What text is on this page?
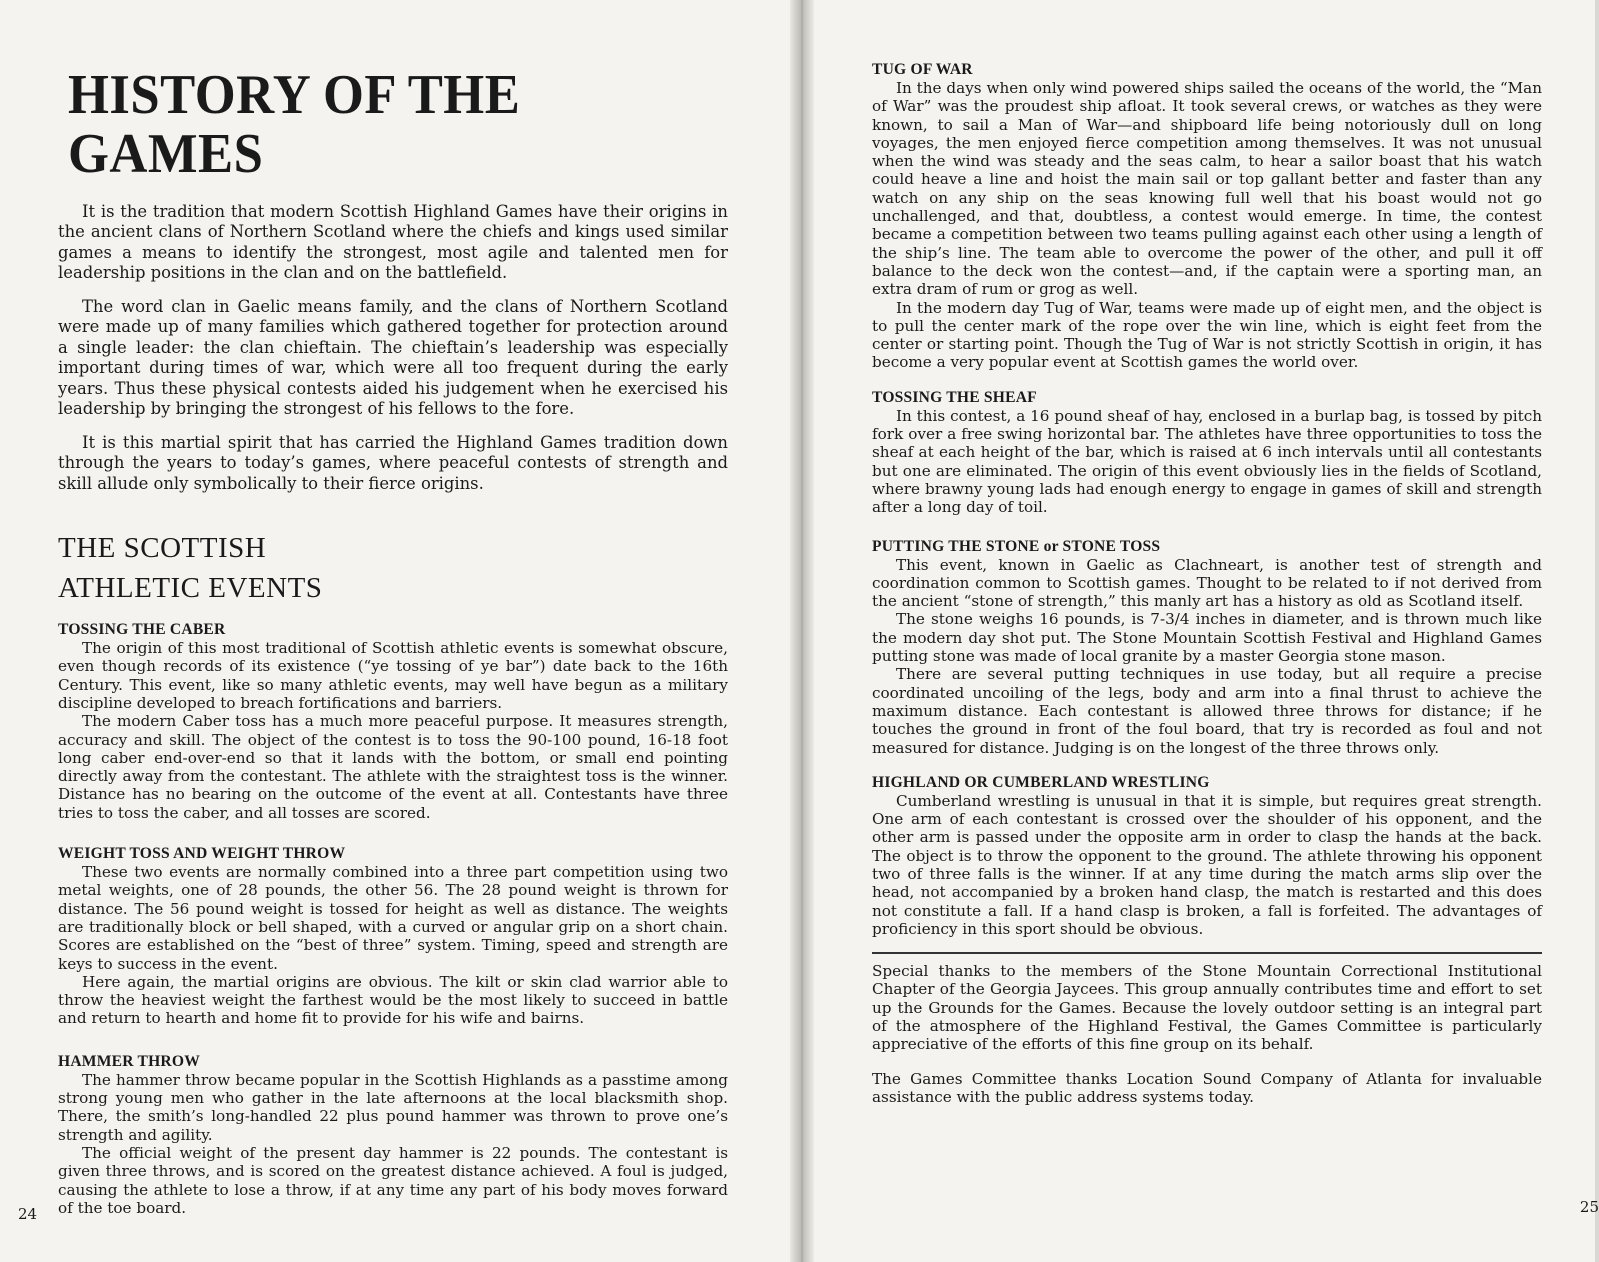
HISTORY OF THE GAMES

It is the tradition that modern Scottish Highland Games have their origins in the ancient clans of Northern Scotland where the chiefs and kings used similar games a means to identify the strongest, most agile and talented men for leadership positions in the clan and on the battlefield.

The word clan in Gaelic means family, and the clans of Northern Scotland were made up of many families which gathered together for protection around a single leader: the clan chieftain. The chieftain’s leadership was especially important during times of war, which were all too frequent during the early years. Thus these physical contests aided his judgement when he exercised his leadership by bringing the strongest of his fellows to the fore.

It is this martial spirit that has carried the Highland Games tradition down through the years to today’s games, where peaceful contests of strength and skill allude only symbolically to their fierce origins.

THE SCOTTISH
ATHLETIC EVENTS
TOSSING THE CABER

The origin of this most traditional of Scottish athletic events is somewhat obscure, even though records of its existence (“ye tossing of ye bar”) date back to the 16th Century. This event, like so many athletic events, may well have begun as a military discipline developed to breach fortifications and barriers.

The modern Caber toss has a much more peaceful purpose. It measures strength, accuracy and skill. The object of the contest is to toss the 90-100 pound, 16-18 foot long caber end-over-end so that it lands with the bottom, or small end pointing directly away from the contestant. The athlete with the straightest toss is the winner. Distance has no bearing on the outcome of the event at all. Contestants have three tries to toss the caber, and all tosses are scored.

WEIGHT TOSS AND WEIGHT THROW

These two events are normally combined into a three part competition using two metal weights, one of 28 pounds, the other 56. The 28 pound weight is thrown for distance. The 56 pound weight is tossed for height as well as distance. The weights are traditionally block or bell shaped, with a curved or angular grip on a short chain. Scores are established on the “best of three” system. Timing, speed and strength are keys to success in the event.

Here again, the martial origins are obvious. The kilt or skin clad warrior able to throw the heaviest weight the farthest would be the most likely to succeed in battle and return to hearth and home fit to provide for his wife and bairns.

HAMMER THROW

The hammer throw became popular in the Scottish Highlands as a passtime among strong young men who gather in the late afternoons at the local blacksmith shop. There, the smith’s long-handled 22 plus pound hammer was thrown to prove one’s strength and agility.

The official weight of the present day hammer is 22 pounds. The contestant is given three throws, and is scored on the greatest distance achieved. A foul is judged, causing the athlete to lose a throw, if at any time any part of his body moves forward of the toe board.

24
TUG OF WAR

In the days when only wind powered ships sailed the oceans of the world, the “Man of War” was the proudest ship afloat. It took several crews, or watches as they were known, to sail a Man of War—and shipboard life being notoriously dull on long voyages, the men enjoyed fierce competition among themselves. It was not unusual when the wind was steady and the seas calm, to hear a sailor boast that his watch could heave a line and hoist the main sail or top gallant better and faster than any watch on any ship on the seas knowing full well that his boast would not go unchallenged, and that, doubtless, a contest would emerge. In time, the contest became a competition between two teams pulling against each other using a length of the ship’s line. The team able to overcome the power of the other, and pull it off balance to the deck won the contest—and, if the captain were a sporting man, an extra dram of rum or grog as well.

In the modern day Tug of War, teams were made up of eight men, and the object is to pull the center mark of the rope over the win line, which is eight feet from the center or starting point. Though the Tug of War is not strictly Scottish in origin, it has become a very popular event at Scottish games the world over.

TOSSING THE SHEAF

In this contest, a 16 pound sheaf of hay, enclosed in a burlap bag, is tossed by pitch fork over a free swing horizontal bar. The athletes have three opportunities to toss the sheaf at each height of the bar, which is raised at 6 inch intervals until all contestants but one are eliminated. The origin of this event obviously lies in the fields of Scotland, where brawny young lads had enough energy to engage in games of skill and strength after a long day of toil.

PUTTING THE STONE or STONE TOSS

This event, known in Gaelic as Clachneart, is another test of strength and coordination common to Scottish games. Thought to be related to if not derived from the ancient “stone of strength,” this manly art has a history as old as Scotland itself.

The stone weighs 16 pounds, is 7-3/4 inches in diameter, and is thrown much like the modern day shot put. The Stone Mountain Scottish Festival and Highland Games putting stone was made of local granite by a master Georgia stone mason.

There are several putting techniques in use today, but all require a precise coordinated uncoiling of the legs, body and arm into a final thrust to achieve the maximum distance. Each contestant is allowed three throws for distance; if he touches the ground in front of the foul board, that try is recorded as foul and not measured for distance. Judging is on the longest of the three throws only.

HIGHLAND OR CUMBERLAND WRESTLING

Cumberland wrestling is unusual in that it is simple, but requires great strength. One arm of each contestant is crossed over the shoulder of his opponent, and the other arm is passed under the opposite arm in order to clasp the hands at the back. The object is to throw the opponent to the ground. The athlete throwing his opponent two of three falls is the winner. If at any time during the match arms slip over the head, not accompanied by a broken hand clasp, the match is restarted and this does not constitute a fall. If a hand clasp is broken, a fall is forfeited. The advantages of proficiency in this sport should be obvious.

Special thanks to the members of the Stone Mountain Correctional Institutional Chapter of the Georgia Jaycees. This group annually contributes time and effort to set up the Grounds for the Games. Because the lovely outdoor setting is an integral part of the atmosphere of the Highland Festival, the Games Committee is particularly appreciative of the efforts of this fine group on its behalf.

The Games Committee thanks Location Sound Company of Atlanta for invaluable assistance with the public address systems today.

25
